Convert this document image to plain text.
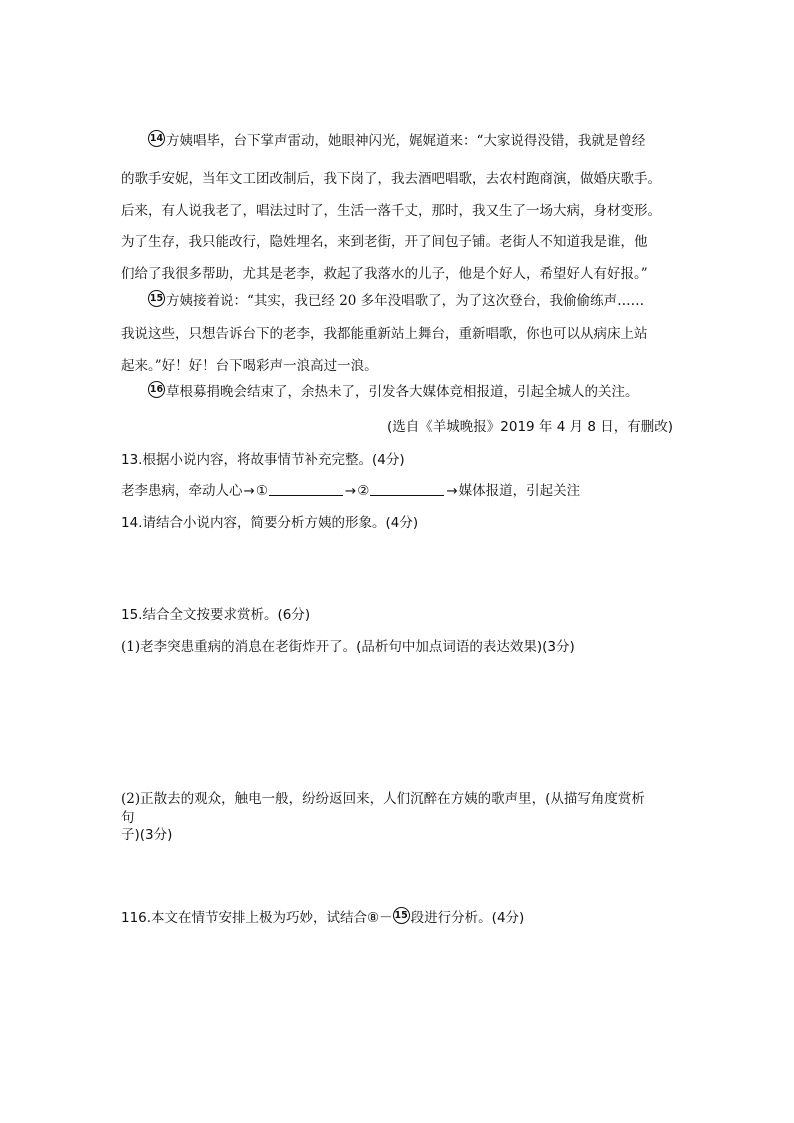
14 方姨唱毕，台下掌声雷动，她眼神闪光，娓娓道来：“大家说得没错，我就是曾经
的歌手安妮，当年文工团改制后，我下岗了，我去酒吧唱歌，去农村跑商演，做婚庆歌手。
后来，有人说我老了，唱法过时了，生活一落千丈，那时，我又生了一场大病，身材变形。
为了生存，我只能改行，隐姓埋名，来到老街，开了间包子铺。老街人不知道我是谁，他
们给了我很多帮助，尤其是老李，救起了我落水的儿子，他是个好人，希望好人有好报。”
15 方姨接着说：“其实，我已经 20 多年没唱歌了，为了这次登台，我偷偷练声……
我说这些，只想告诉台下的老李，我都能重新站上舞台，重新唱歌，你也可以从病床上站
起来。”好！好！台下喝彩声一浪高过一浪。
16 草根募捐晚会结束了，余热未了，引发各大媒体竞相报道，引起全城人的关注。
(选自《羊城晚报》2019 年 4 月 8 日，有删改)
13.根据小说内容，将故事情节补充完整。(4分)
老李患病，牵动人心→①	→②	→媒体报道，引起关注
14.请结合小说内容，简要分析方姨的形象。(4分)
15.结合全文按要求赏析。(6分)
(1)老李突患重病的消息在老街炸开了。(品析句中加点词语的表达效果)(3分)
(2)正散去的观众，触电一般，纷纷返回来，人们沉醉在方姨的歌声里，(从描写角度赏析
句
子)(3分)
116.本文在情节安排上极为巧妙，试结合⑧－ 15 段进行分析。(4分)
